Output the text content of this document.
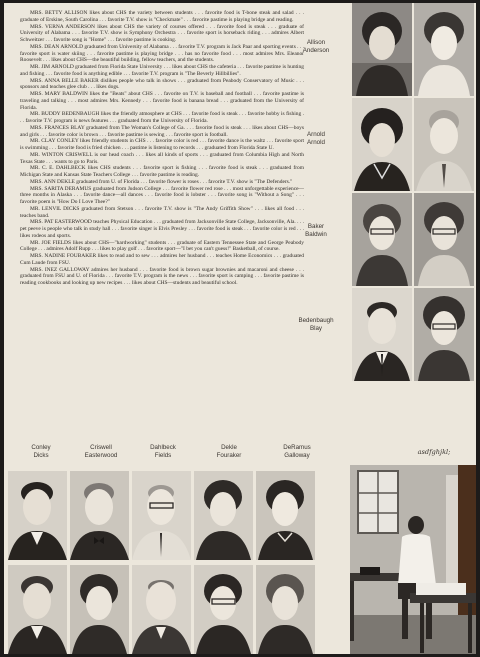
MRS. BETTY ALLISON likes about CHS the variety between students . . . favorite food is T-bone steak and salad . . . graduate of Erskine, South Carolina . . . favorite T.V. show is "Checkmate" . . . favorite pastime is playing bridge and reading.

MRS. VERNA ANDERSON likes about CHS the variety of courses offered . . . favorite food is steak . . . graduate of University of Alabama . . . favorite T.V. show is Symphony Orchestra . . . favorite sport is horseback riding . . . admires Albert Schweitzer . . . favorite song is "Home" . . . favorite pastime is cooking.

MRS. DEAN ARNOLD graduated from University of Alabama . . . favorite T.V. program is Jack Paar and sporting events . . . favorite sport is water skiing . . . favorite pastime is playing bridge . . . has no favorite food . . . most admires Mrs. Eleanor Roosevelt . . . likes about CHS—the beautiful building, fellow teachers, and the students.

MR. JIM ARNOLD graduated from Florida State University . . . likes about CHS the cafeteria . . . favorite pastime is hunting and fishing . . . favorite food is anything edible . . . favorite T.V. program is "The Beverly Hillbillies".

MRS. ANNA BELLE BAKER dislikes people who talk in shows . . . graduated from Peabody Conservatory of Music . . . sponsors and teaches glee club . . . likes dogs.

MRS. MARY BALDWIN likes the "Beats" about CHS . . . favorite on T.V. is baseball and football . . . favorite pastime is traveling and talking . . . most admires Mrs. Kennedy . . . favorite food is banana bread . . . graduated from the University of Florida.

MR. BUDDY BEDENBAUGH likes the friendly atmosphere at CHS . . . favorite food is steak . . . favorite hobby is fishing . . . favorite T.V. program is news features . . . graduated from the University of Florida.

MRS. FRANCES BLAY graduated from The Woman's College of Ga. . . . favorite food is steak . . . likes about CHS—boys and girls . . . favorite color is brown . . . favorite pastime is sewing . . . favorite sport is football.

MR. CLAY CONLEY likes friendly students in CHS . . . favorite color is red . . . favorite dance is the waltz . . . favorite sport is swimming . . . favorite food is fried chicken . . . pastime is listening to records . . . graduated from Florida State U.

MR. WINTON CRISWELL is our head coach . . . likes all kinds of sports . . . graduated from Columbia High and North Texas State . . . wants to go to Paris.

MR. C. E. DAHLBECK likes CHS students . . . favorite sport is fishing . . . favorite food is steak . . . graduated from Michigan State and Kansas State Teachers College . . . favorite pastime is reading.

MRS. ANN DEKLE graduated from U. of Florida . . . favorite flower is roses . . . favorite T.V. show is "The Defenders."

MRS. SARITA DERAMUS graduated from Judson College . . . favorite flower red rose . . . most unforgettable experience—three months in Alaska . . . favorite dance—all dances . . . favorite food is lobster . . . favorite song is "Without a Song" . . . favorite poem is "How Do I Love Thee?"

MR. LENVIL DICKS graduated from Stetson . . . favorite T.V. show is "The Andy Griffith Show" . . . likes all food . . . teaches band.

MRS. PAT EASTERWOOD teaches Physical Education . . . graduated from Jacksonville State College, Jacksonville, Ala. . . . pet peeve is people who talk in study hall . . . favorite singer is Elvis Presley . . . favorite food is steak . . . favorite color is red . . . likes rodeos and sports.

MR. JOE FIELDS likes about CHS—"hardworking" students . . . graduate of Eastern Tennessee State and George Peabody College . . . admires Adolf Rupp . . . likes to play golf . . . favorite sport—"I bet you can't guess!" Basketball, of course.

MRS. NADINE FOUBAKER likes to read and to sew . . . admires her husband . . . teaches Home Economics . . . graduated Cum Laude from FSU.

MRS. INEZ GALLOWAY admires her husband . . . favorite food is brown sugar brownies and macaroni and cheese . . . graduated from FSU and U. of Florida . . . favorite T.V. program is the news . . . favorite sport is camping . . . favorite pastime is reading cookbooks and looking up new recipes . . . likes about CHS—students and beautiful school.

Allison
Anderson
Arnold
Arnold
Baker
Baldwin
Bedenbaugh
Blay
Conley
Dicks
Criswell
Easterwood
Dahlbeck
Fields
Dekle
Fouraker
DeRamus
Galloway	asdfghjkl;
